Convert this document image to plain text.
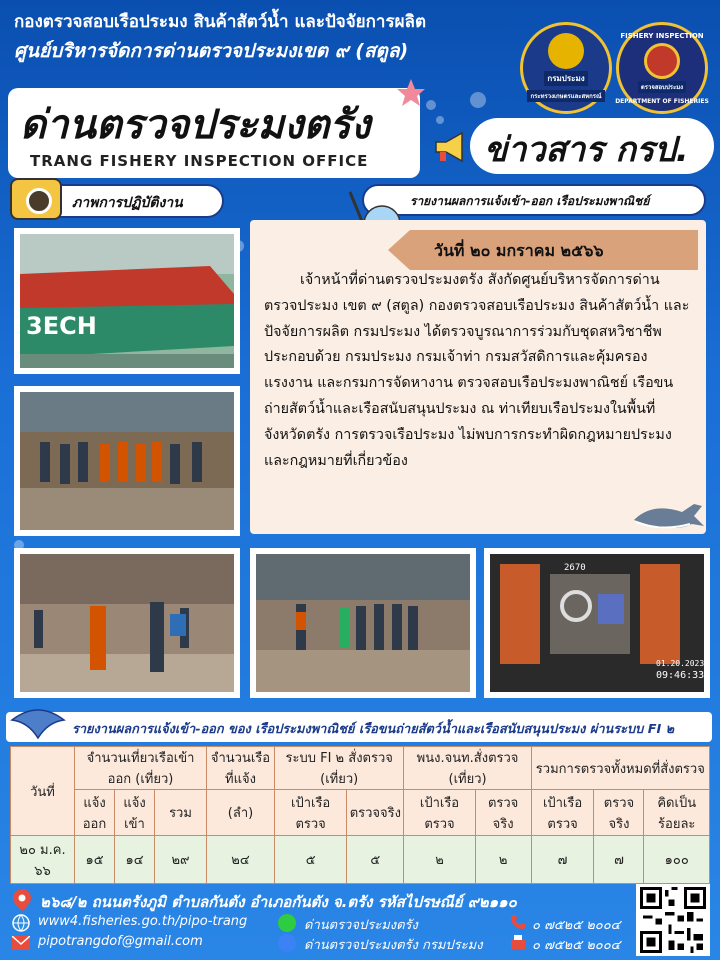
กองตรวจสอบเรือประมง สินค้าสัตว์น้ำ และปัจจัยการผลิต
ศูนย์บริหารจัดการด่านตรวจประมงเขต ๙ (สตูล)
กรมประมง
กระทรวงเกษตรและสหกรณ์
FISHERY INSPECTION
ตรวจสอบประมง
DEPARTMENT OF FISHERIES
ด่านตรวจประมงตรัง
TRANG FISHERY INSPECTION OFFICE	ข่าวสาร กรป.
ภาพการปฏิบัติงาน	รายงานผลการแจ้งเข้า-ออก เรือประมงพาณิชย์
3ECH
2670
01.20.2023
09:46:33
วันที่ ๒๐ มกราคม ๒๕๖๖

เจ้าหน้าที่ด่านตรวจประมงตรัง สังกัดศูนย์บริหารจัดการด่านตรวจประมง เขต ๙ (สตูล) กองตรวจสอบเรือประมง สินค้าสัตว์น้ำ และปัจจัยการผลิต กรมประมง ได้ตรวจบูรณาการร่วมกับชุดสหวิชาชีพ ประกอบด้วย กรมประมง กรมเจ้าท่า กรมสวัสดิการและคุ้มครองแรงงาน และกรมการจัดหางาน ตรวจสอบเรือประมงพาณิชย์ เรือขนถ่ายสัตว์น้ำและเรือสนับสนุนประมง ณ ท่าเทียบเรือประมงในพื้นที่จังหวัดตรัง การตรวจเรือประมง ไม่พบการกระทำผิดกฎหมายประมงและกฎหมายที่เกี่ยวข้อง

รายงานผลการแจ้งเข้า-ออก ของ เรือประมงพาณิชย์ เรือขนถ่ายสัตว์น้ำและเรือสนับสนุนประมง ผ่านระบบ FI ๒
วันที่	จำนวนเที่ยวเรือเข้าออก (เที่ยว)			จำนวนเรือที่แจ้ง	ระบบ FI ๒ สั่งตรวจ (เที่ยว)		พนง.จนท.สั่งตรวจ (เที่ยว)		รวมการตรวจทั้งหมดที่สั่งตรวจ		
	แจ้งออก	แจ้งเข้า	รวม	(ลำ)	เป้าเรือตรวจ	ตรวจจริง	เป้าเรือตรวจ	ตรวจจริง	เป้าเรือตรวจ	ตรวจจริง	คิดเป็นร้อยละ
๒๐ ม.ค. ๖๖	๑๕	๑๔	๒๙	๒๔	๕	๕	๒	๒	๗	๗	๑๐๐
๒๖๘/๒ ถนนตรังภูมิ ตำบลกันตัง อำเภอกันตัง จ.ตรัง รหัสไปรษณีย์ ๙๒๑๑๐
www4.fisheries.go.th/pipo-trang
pipotrangdof@gmail.com
ด่านตรวจประมงตรัง
ด่านตรวจประมงตรัง กรมประมง
๐ ๗๕๒๕ ๒๐๐๔
๐ ๗๕๒๕ ๒๐๐๔
